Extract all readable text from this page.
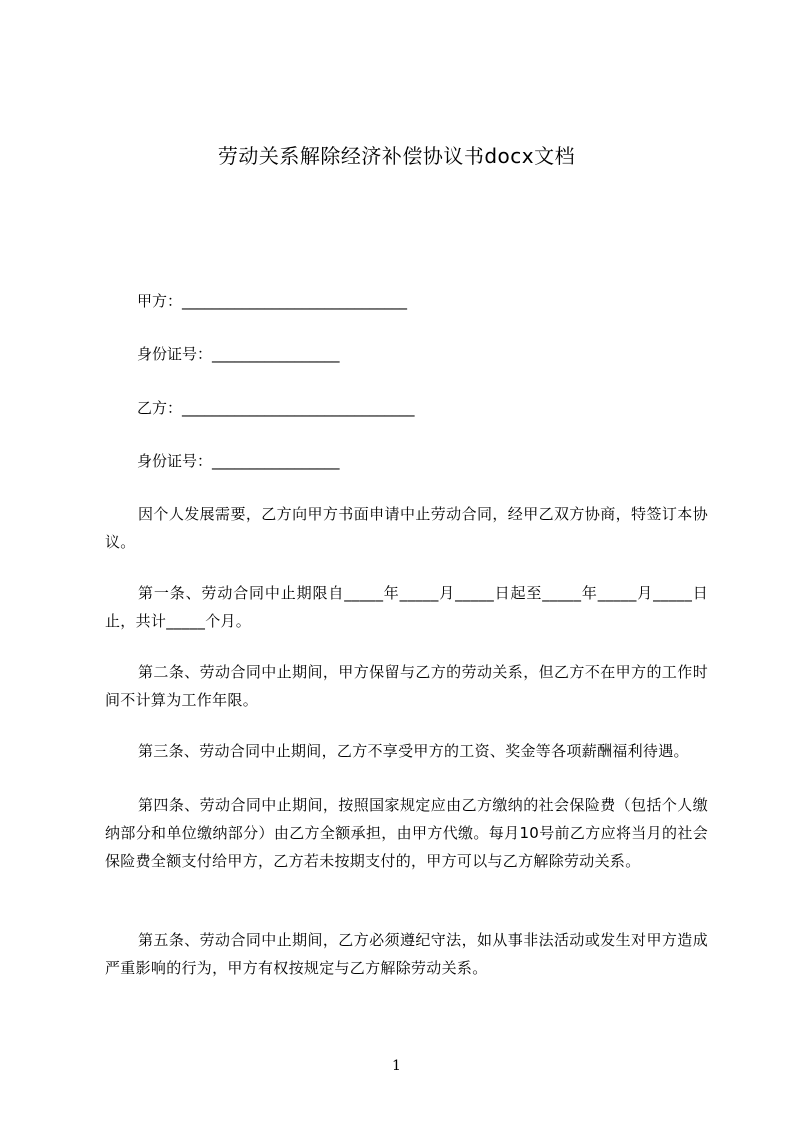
劳动关系解除经济补偿协议书docx文档
甲方：______________________________
身份证号：_________________
乙方：_______________________________
身份证号：_________________

因个人发展需要，乙方向甲方书面申请中止劳动合同，经甲乙双方协商，特签订本协议。

第一条、劳动合同中止期限自_____年_____月_____日起至_____年_____月_____日止，共计_____个月。

第二条、劳动合同中止期间，甲方保留与乙方的劳动关系，但乙方不在甲方的工作时间不计算为工作年限。

第三条、劳动合同中止期间，乙方不享受甲方的工资、奖金等各项薪酬福利待遇。

第四条、劳动合同中止期间，按照国家规定应由乙方缴纳的社会保险费（包括个人缴纳部分和单位缴纳部分）由乙方全额承担，由甲方代缴。每月10号前乙方应将当月的社会保险费全额支付给甲方，乙方若未按期支付的，甲方可以与乙方解除劳动关系。

第五条、劳动合同中止期间，乙方必须遵纪守法，如从事非法活动或发生对甲方造成严重影响的行为，甲方有权按规定与乙方解除劳动关系。

1
